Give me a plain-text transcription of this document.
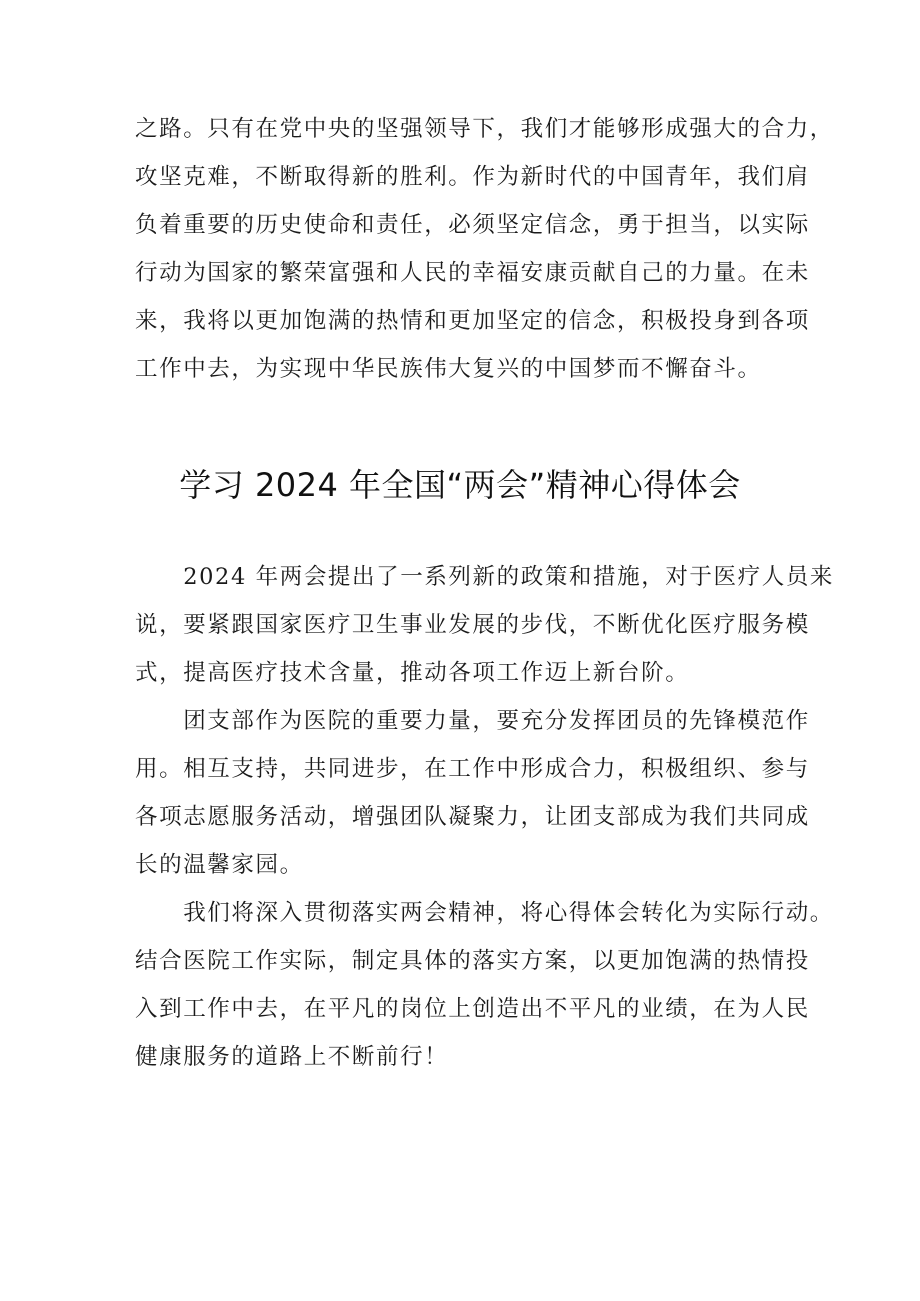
之路。只有在党中央的坚强领导下，我们才能够形成强大的合力，
攻坚克难，不断取得新的胜利。作为新时代的中国青年，我们肩
负着重要的历史使命和责任，必须坚定信念，勇于担当，以实际
行动为国家的繁荣富强和人民的幸福安康贡献自己的力量。在未
来，我将以更加饱满的热情和更加坚定的信念，积极投身到各项
工作中去，为实现中华民族伟大复兴的中国梦而不懈奋斗。
学习 2024 年全国“两会”精神心得体会
　　2024 年两会提出了一系列新的政策和措施，对于医疗人员来
说，要紧跟国家医疗卫生事业发展的步伐，不断优化医疗服务模
式，提高医疗技术含量，推动各项工作迈上新台阶。
　　团支部作为医院的重要力量，要充分发挥团员的先锋模范作
用。相互支持，共同进步，在工作中形成合力，积极组织、参与
各项志愿服务活动，增强团队凝聚力，让团支部成为我们共同成
长的温馨家园。
　　我们将深入贯彻落实两会精神，将心得体会转化为实际行动。
结合医院工作实际，制定具体的落实方案，以更加饱满的热情投
入到工作中去，在平凡的岗位上创造出不平凡的业绩，在为人民
健康服务的道路上不断前行！
